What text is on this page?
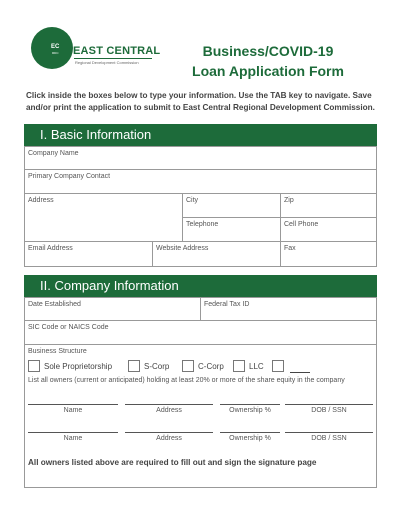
EC
RDC EAST CENTRAL
Regional Development Commission
Business/COVID-19
Loan Application Form
Click inside the boxes below to type your information. Use the TAB key to navigate. Save and/or print the application to submit to East Central Regional Development Commission.
I. Basic Information
Company Name
Primary Company Contact
Address	City	Zip
Telephone	Cell Phone
Email Address	Website Address	Fax
II. Company Information
Date Established	Federal Tax ID
SIC Code or NAICS Code
Business Structure
Sole Proprietorship	S-Corp	C-Corp	LLC
List all owners (current or anticipated) holding at least 20% or more of the share equity in the company
Name	Address	Ownership %	DOB / SSN
Name	Address	Ownership %	DOB / SSN
All owners listed above are required to fill out and sign the signature page
